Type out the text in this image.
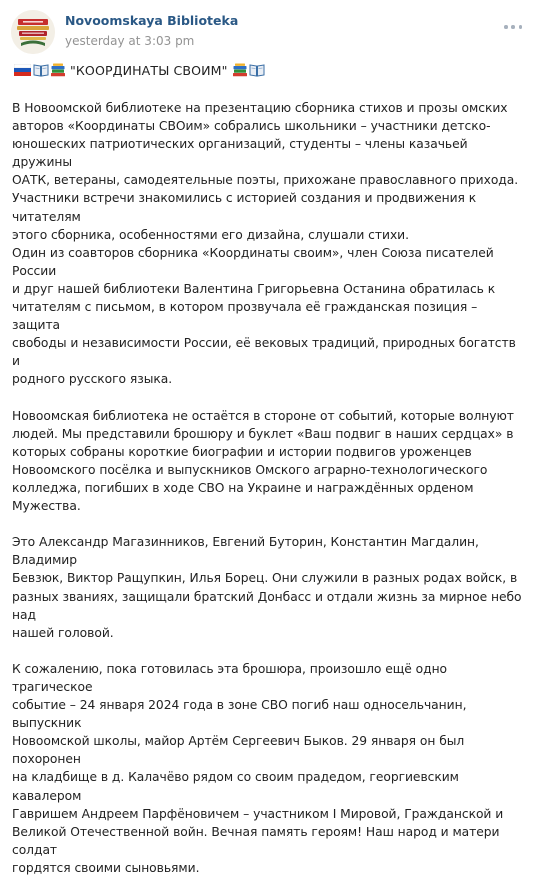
Novoomskaya Biblioteka
yesterday at 3:03 pm
"КООРДИНАТЫ СВОИМ"

В Новоомской библиотеке на презентацию сборника стихов и прозы омских
авторов «Координаты СВОим» собрались школьники – участники детско-
юношеских патриотических организаций, студенты – члены казачьей дружины
ОАТК, ветераны, самодеятельные поэты, прихожане православного прихода.
Участники встречи знакомились с историей создания и продвижения к читателям
этого сборника, особенностями его дизайна, слушали стихи.
Один из соавторов сборника «Координаты своим», член Союза писателей России
и друг нашей библиотеки Валентина Григорьевна Останина обратилась к
читателям с письмом, в котором прозвучала её гражданская позиция – защита
свободы и независимости России, её вековых традиций, природных богатств и
родного русского языка.

Новоомская библиотека не остаётся в стороне от событий, которые волнуют
людей. Мы представили брошюру и буклет «Ваш подвиг в наших сердцах» в
которых собраны короткие биографии и истории подвигов уроженцев
Новоомского посёлка и выпускников Омского аграрно-технологического
колледжа, погибших в ходе СВО на Украине и награждённых орденом Мужества.

Это Александр Магазинников, Евгений Буторин, Константин Магдалин, Владимир
Бевзюк, Виктор Ращупкин, Илья Борец. Они служили в разных родах войск, в
разных званиях, защищали братский Донбасс и отдали жизнь за мирное небо над
нашей головой.

К сожалению, пока готовилась эта брошюра, произошло ещё одно трагическое
событие – 24 января 2024 года в зоне СВО погиб наш односельчанин, выпускник
Новоомской школы, майор Артём Сергеевич Быков. 29 января он был похоронен
на кладбище в д. Калачёво рядом со своим прадедом, георгиевским кавалером
Гавришем Андреем Парфёновичем – участником I Мировой, Гражданской и
Великой Отечественной войн. Вечная память героям! Наш народ и матери солдат
гордятся своими сыновьями.
